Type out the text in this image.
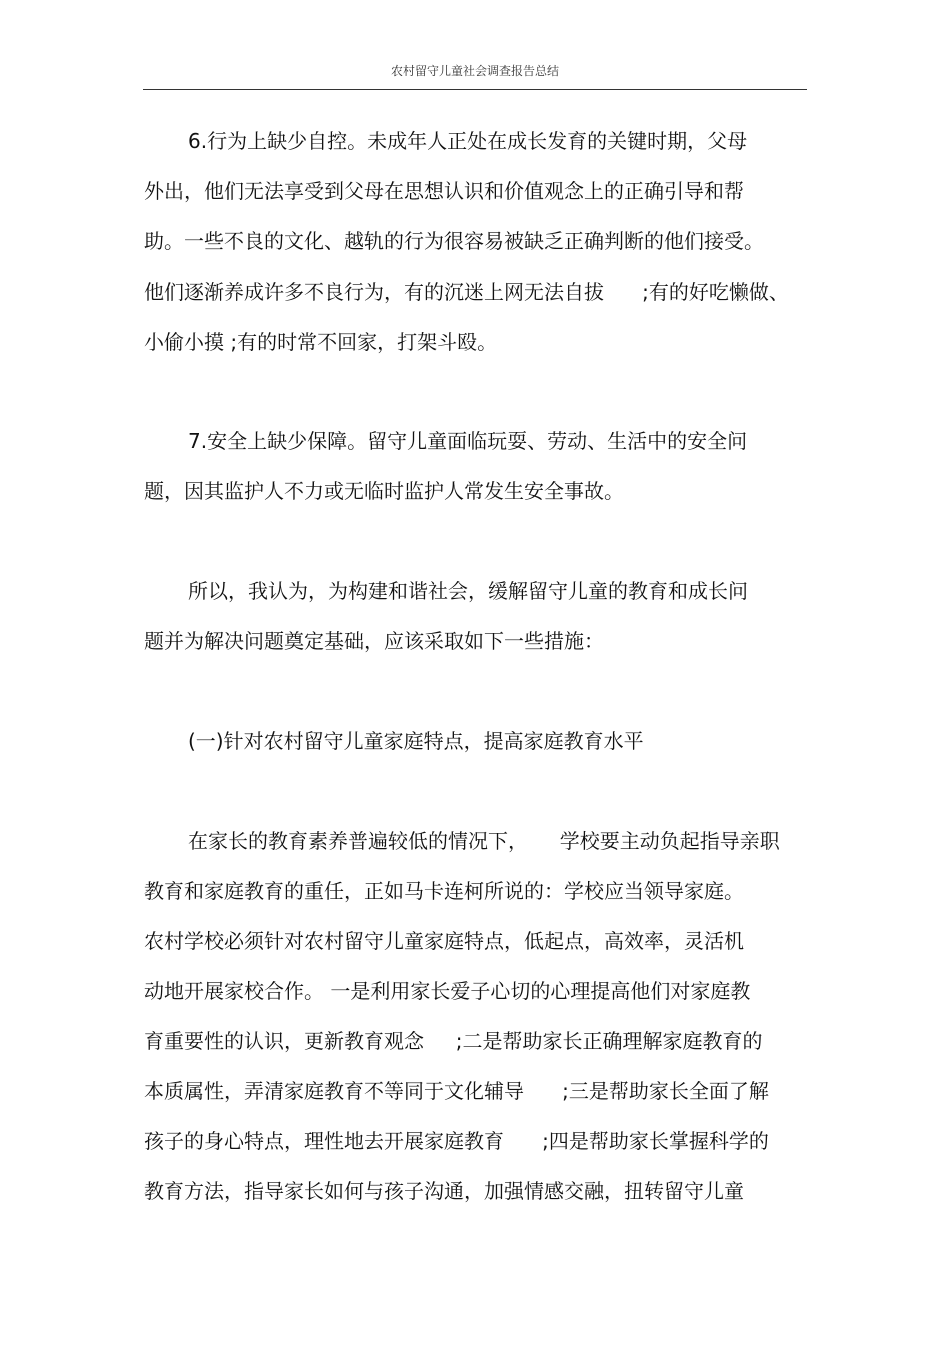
农村留守儿童社会调查报告总结
6.行为上缺少自控。未成年人正处在成长发育的关键时期，父母
外出，他们无法享受到父母在思想认识和价值观念上的正确引导和帮
助。一些不良的文化、越轨的行为很容易被缺乏正确判断的他们接受。
他们逐渐养成许多不良行为，有的沉迷上网无法自拔      ;有的好吃懒做、
小偷小摸 ;有的时常不回家，打架斗殴。
7.安全上缺少保障。留守儿童面临玩耍、劳动、生活中的安全问
题，因其监护人不力或无临时监护人常发生安全事故。
所以，我认为，为构建和谐社会，缓解留守儿童的教育和成长问
题并为解决问题奠定基础，应该采取如下一些措施：
(一)针对农村留守儿童家庭特点，提高家庭教育水平
在家长的教育素养普遍较低的情况下，     学校要主动负起指导亲职
教育和家庭教育的重任，正如马卡连柯所说的：学校应当领导家庭。
农村学校必须针对农村留守儿童家庭特点，低起点，高效率，灵活机
动地开展家校合作。 一是利用家长爱子心切的心理提高他们对家庭教
育重要性的认识，更新教育观念     ;二是帮助家长正确理解家庭教育的
本质属性，弄清家庭教育不等同于文化辅导      ;三是帮助家长全面了解
孩子的身心特点，理性地去开展家庭教育      ;四是帮助家长掌握科学的
教育方法，指导家长如何与孩子沟通，加强情感交融，扭转留守儿童
